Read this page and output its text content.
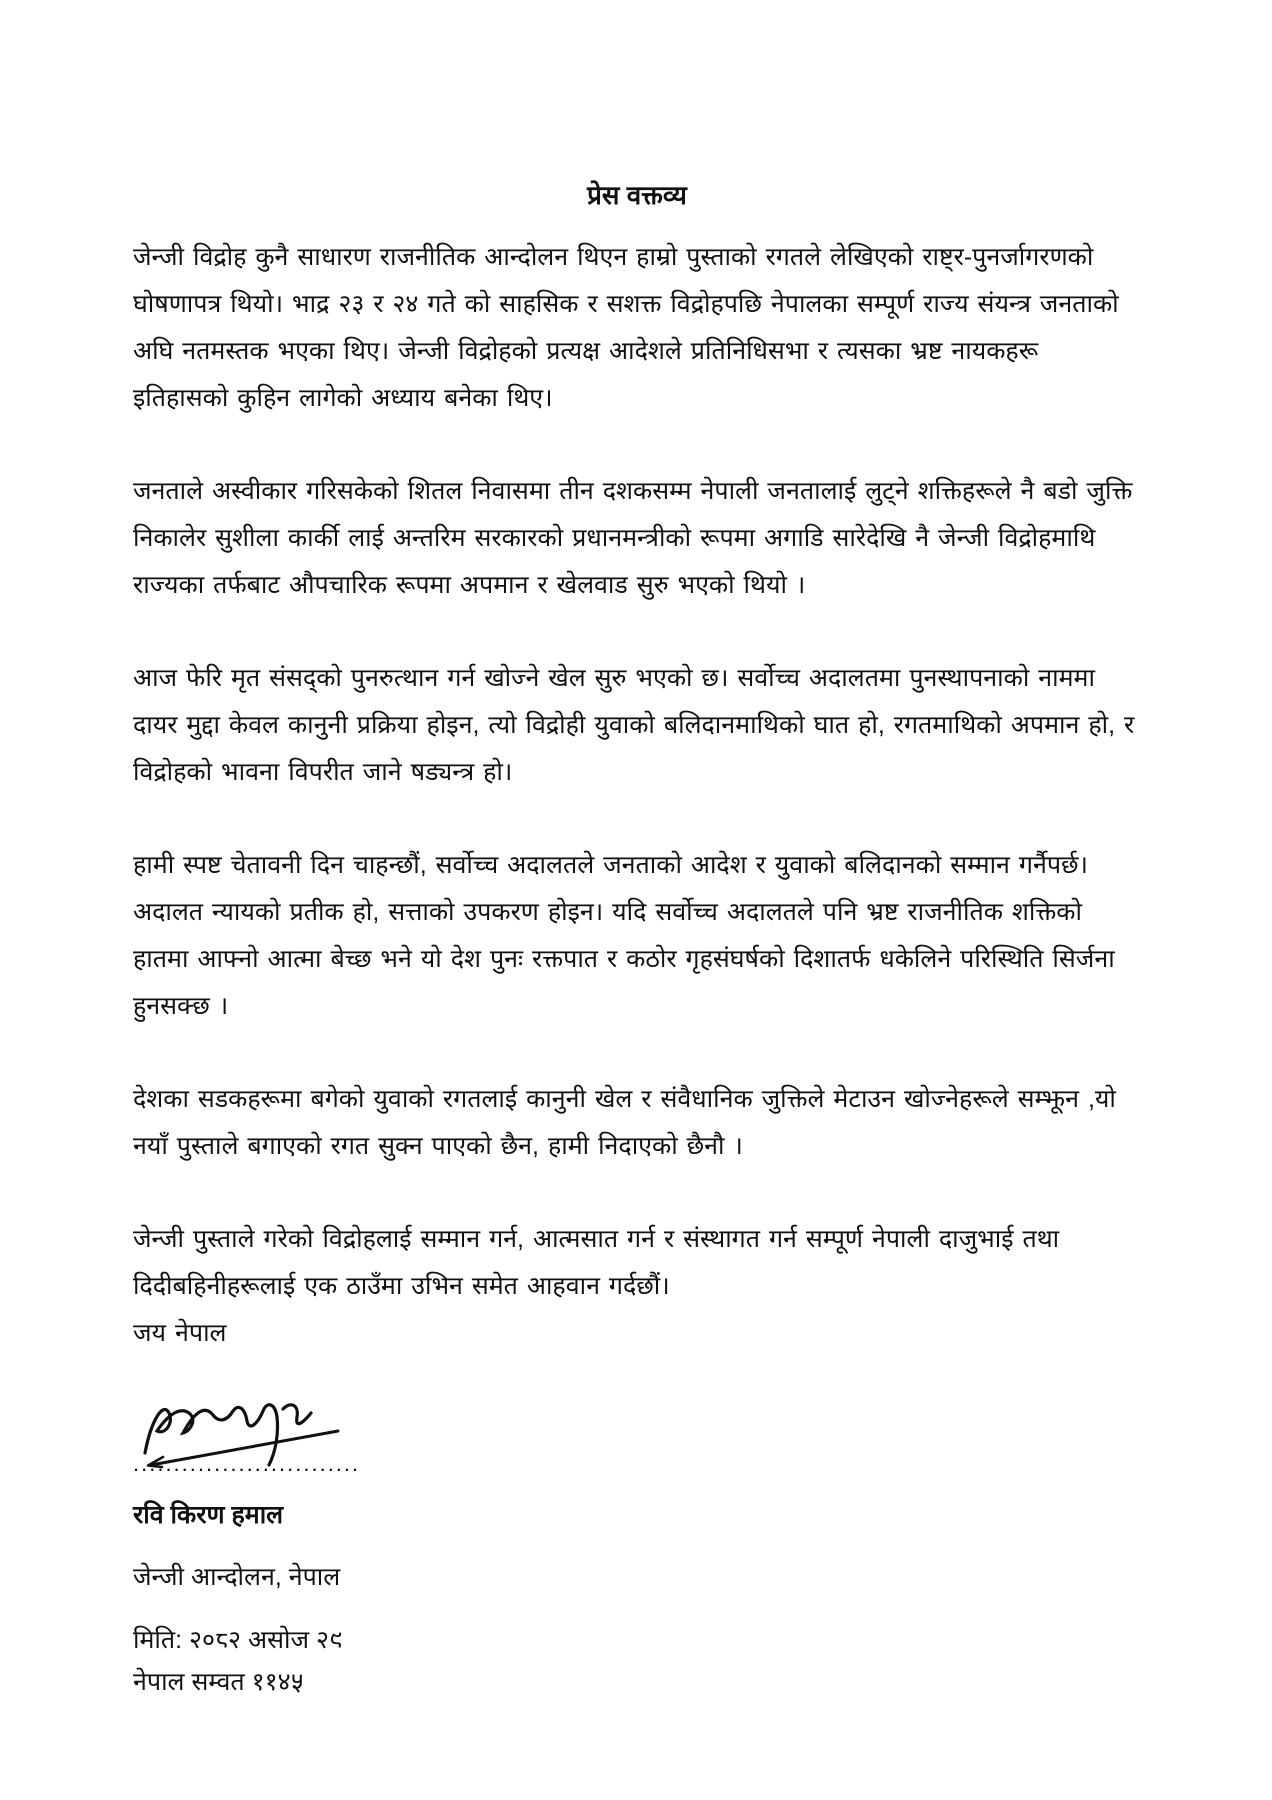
प्रेस वक्तव्य

जेन्जी विद्रोह कुनै साधारण राजनीतिक आन्दोलन थिएन हाम्रो पुस्ताको रगतले लेखिएको राष्ट्र-पुनर्जागरणको घोषणापत्र थियो। भाद्र २३ र २४ गते को साहसिक र सशक्त विद्रोहपछि नेपालका सम्पूर्ण राज्य संयन्त्र जनताको अघि नतमस्तक भएका थिए। जेन्जी विद्रोहको प्रत्यक्ष आदेशले प्रतिनिधिसभा र त्यसका भ्रष्ट नायकहरू इतिहासको कुहिन लागेको अध्याय बनेका थिए।

जनताले अस्वीकार गरिसकेको शितल निवासमा तीन दशकसम्म नेपाली जनतालाई लुट्ने शक्तिहरूले नै बडो जुक्ति निकालेर सुशीला कार्की लाई अन्तरिम सरकारको प्रधानमन्त्रीको रूपमा अगाडि सारेदेखि नै जेन्जी विद्रोहमाथि राज्यका तर्फबाट औपचारिक रूपमा अपमान र खेलवाड सुरु भएको थियो ।

आज फेरि मृत संसद्को पुनरुत्थान गर्न खोज्ने खेल सुरु भएको छ। सर्वोच्च अदालतमा पुनस्थापनाको नाममा दायर मुद्दा केवल कानुनी प्रक्रिया होइन, त्यो विद्रोही युवाको बलिदानमाथिको घात हो, रगतमाथिको अपमान हो, र विद्रोहको भावना विपरीत जाने षड्यन्त्र हो।

हामी स्पष्ट चेतावनी दिन चाहन्छौं, सर्वोच्च अदालतले जनताको आदेश र युवाको बलिदानको सम्मान गर्नैपर्छ। अदालत न्यायको प्रतीक हो, सत्ताको उपकरण होइन। यदि सर्वोच्च अदालतले पनि भ्रष्ट राजनीतिक शक्तिको हातमा आफ्नो आत्मा बेच्छ भने यो देश पुनः रक्तपात र कठोर गृहसंघर्षको दिशातर्फ धकेलिने परिस्थिति सिर्जना हुनसक्छ ।

देशका सडकहरूमा बगेको युवाको रगतलाई कानुनी खेल र संवैधानिक जुक्तिले मेटाउन खोज्नेहरूले सम्झून ,यो नयाँ पुस्ताले बगाएको रगत सुक्न पाएको छैन, हामी निदाएको छैनौ ।

जेन्जी पुस्ताले गरेको विद्रोहलाई सम्मान गर्न, आत्मसात गर्न र संस्थागत गर्न सम्पूर्ण नेपाली दाजुभाई तथा दिदीबहिनीहरूलाई एक ठाउँमा उभिन समेत आहवान गर्दछौं।

जय नेपाल

............................
रवि किरण हमाल
जेन्जी आन्दोलन, नेपाल
मिति: २०८२ असोज २९
नेपाल सम्वत ११४५
